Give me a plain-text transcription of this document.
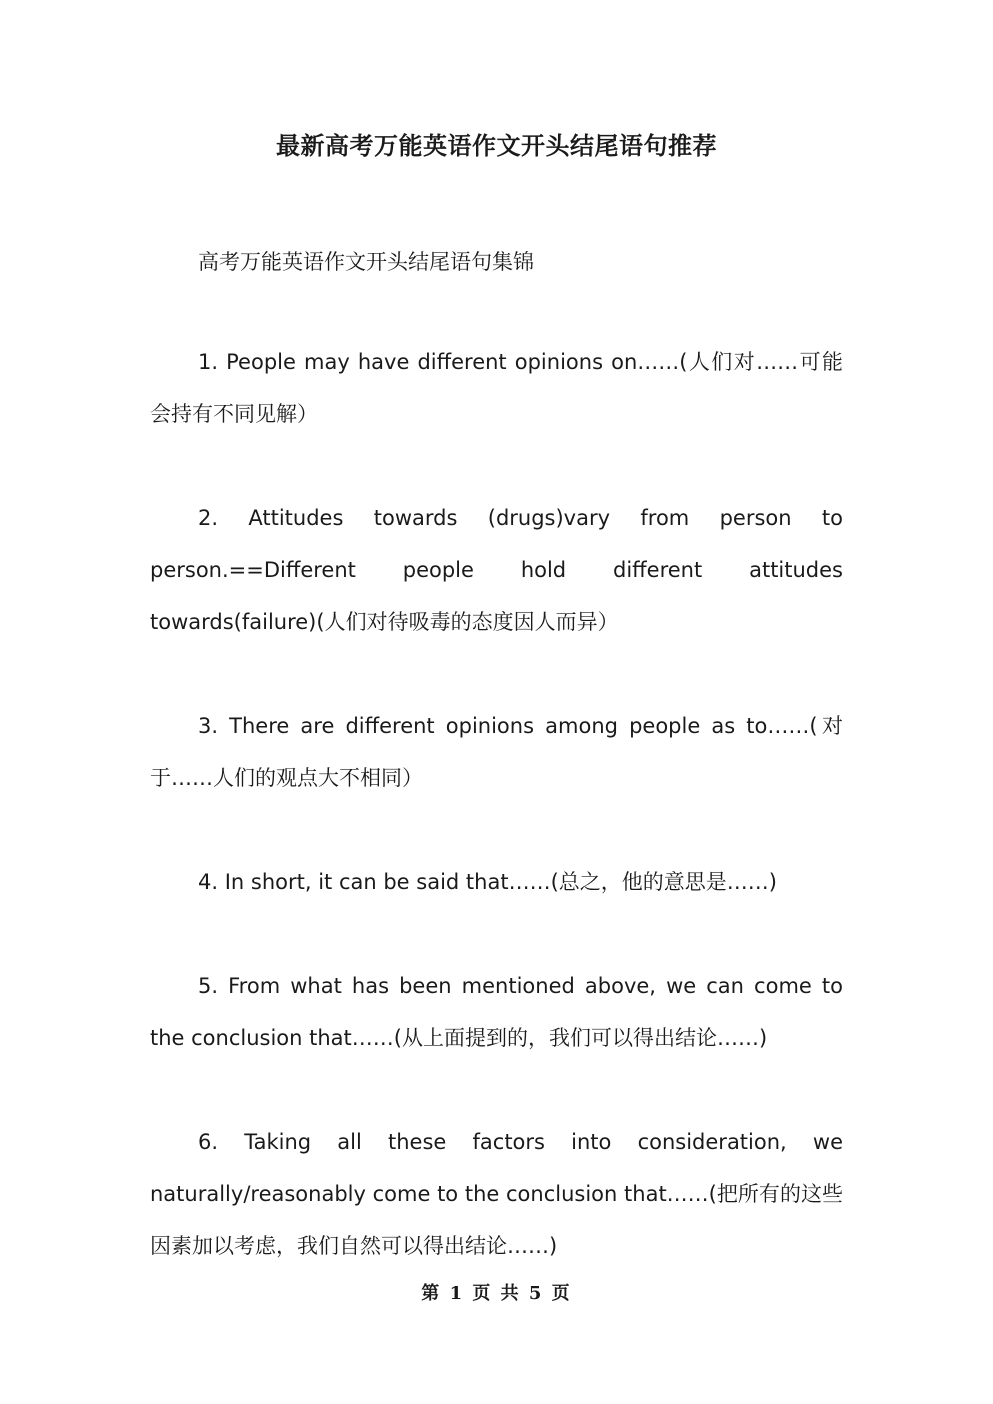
最新高考万能英语作文开头结尾语句推荐

高考万能英语作文开头结尾语句集锦

1. People may have different opinions on……(人们对……可能会持有不同见解）

2. Attitudes towards (drugs)vary from person to person.==Different people hold different attitudes towards(failure)(人们对待吸毒的态度因人而异）

3. There are different opinions among people as to……(对于……人们的观点大不相同）

4. In short, it can be said that……(总之，他的意思是……)

5. From what has been mentioned above, we can come to the conclusion that……(从上面提到的，我们可以得出结论……)

6. Taking all these factors into consideration, we naturally/reasonably come to the conclusion that……(把所有的这些因素加以考虑，我们自然可以得出结论……)

第 1 页 共 5 页
